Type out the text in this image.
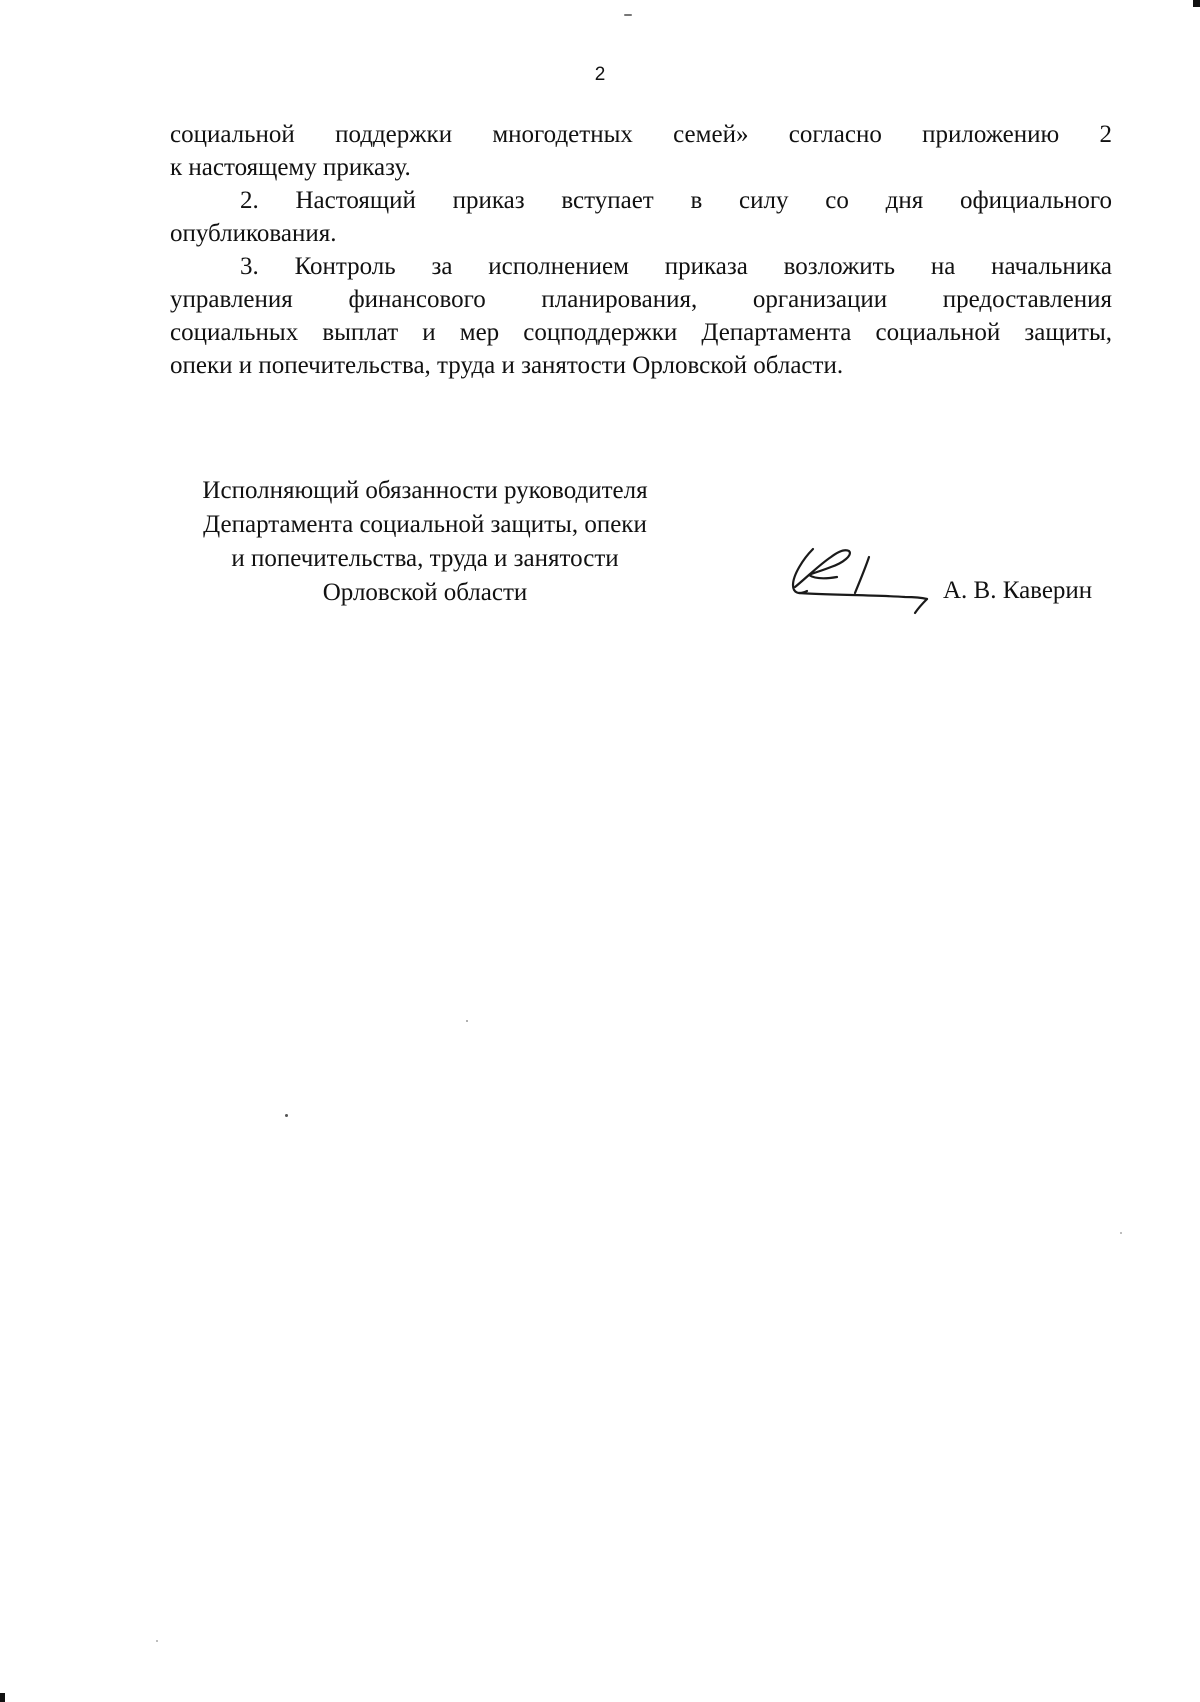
2

социальной поддержки многодетных семей» согласно приложению 2
к настоящему приказу.

2. Настоящий приказ вступает в силу со дня официального

опубликования.

3. Контроль за исполнением приказа возложить на начальника

управления финансового планирования, организации предоставления
социальных выплат и мер соцподдержки Департамента социальной защиты,
опеки и попечительства, труда и занятости Орловской области.

Исполняющий обязанности руководителя
Департамента социальной защиты, опеки
и попечительства, труда и занятости
Орловской области	А. В. Каверин
